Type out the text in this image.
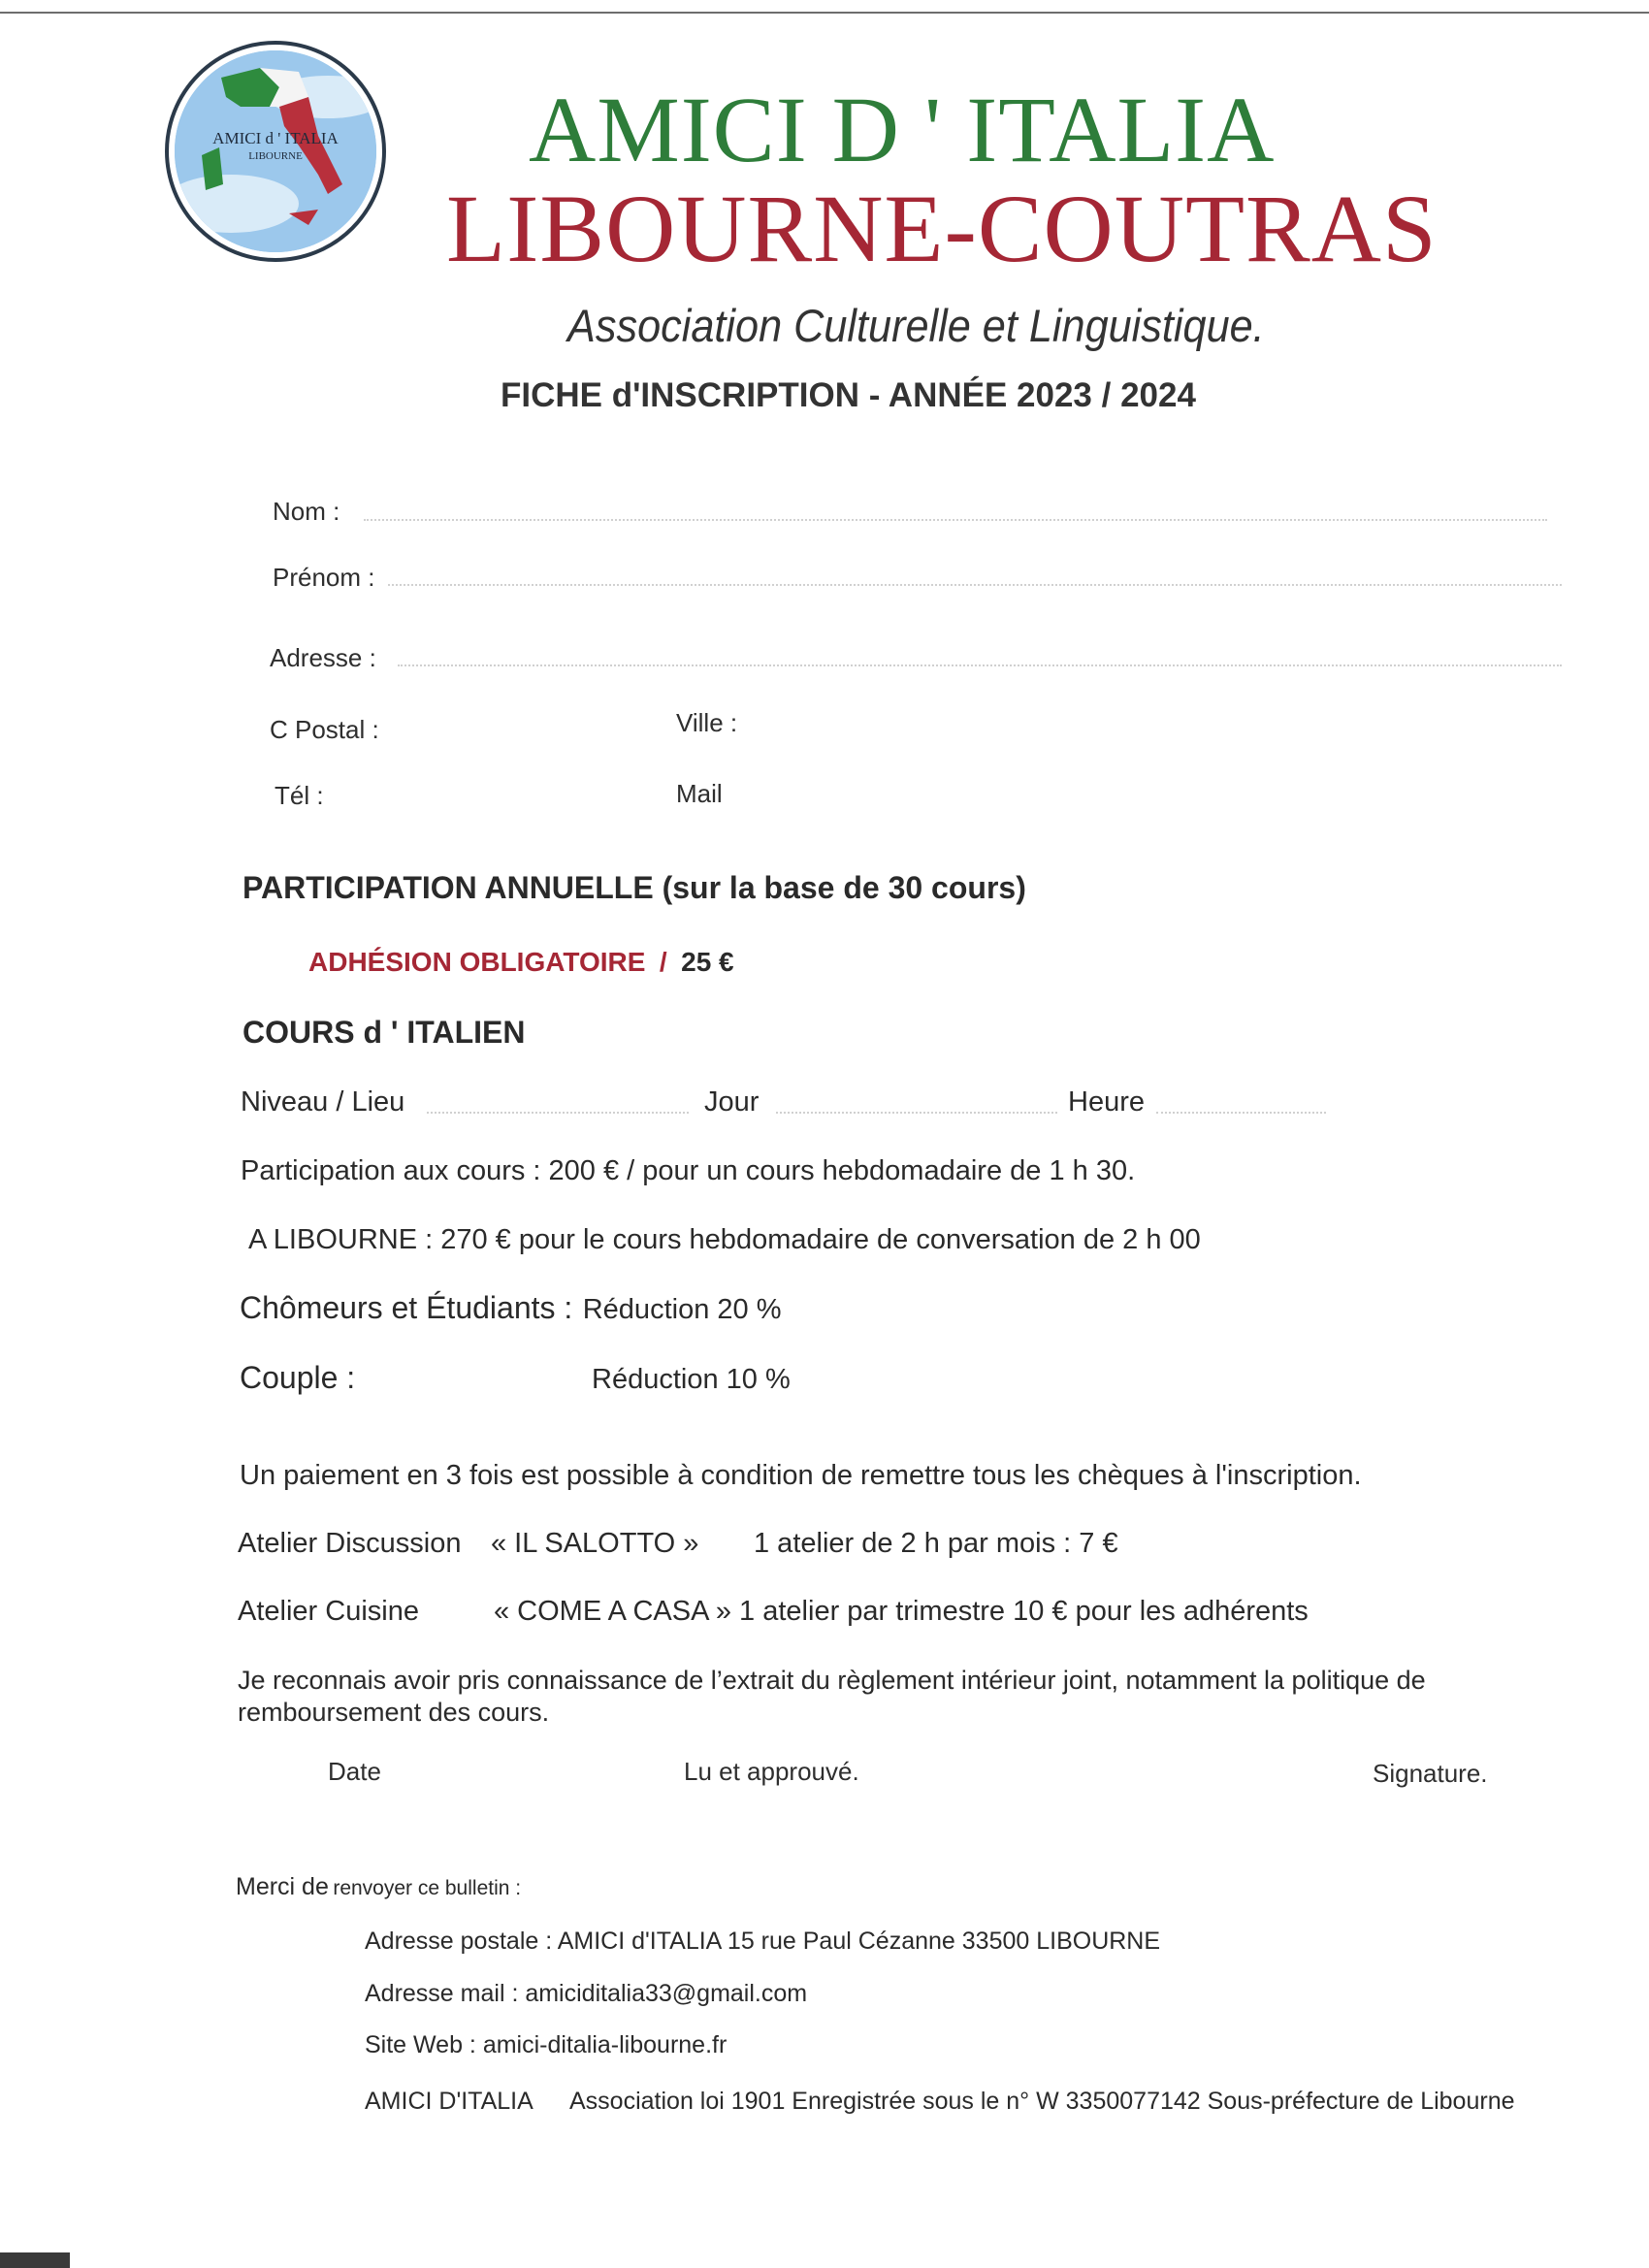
AMICI d ' ITALIA
LIBOURNE AMICI D ' ITALIA
LIBOURNE-COUTRAS
Association Culturelle et Linguistique.
FICHE d'INSCRIPTION - ANNÉE 2023 / 2024
Nom :
Prénom :
Adresse :
C Postal :	Ville :
Tél :	Mail
PARTICIPATION ANNUELLE (sur la base de 30 cours)
ADHÉSION OBLIGATOIRE / 25 €
COURS d ' ITALIEN
Niveau / Lieu	Jour	Heure
Participation aux cours : 200 € / pour un cours hebdomadaire de 1 h 30.
A LIBOURNE : 270 € pour le cours hebdomadaire de conversation de 2 h 00
Chômeurs et Étudiants : Réduction 20 %
Couple :	Réduction 10 %
Un paiement en 3 fois est possible à condition de remettre tous les chèques à l'inscription.
Atelier Discussion « IL SALOTTO » 1 atelier de 2 h par mois : 7 €
Atelier Cuisine	« COME A CASA » 1 atelier par trimestre 10 € pour les adhérents
Je reconnais avoir pris connaissance de l’extrait du règlement intérieur joint, notamment la politique de remboursement des cours.
Date	Lu et approuvé.	Signature.
Merci de renvoyer ce bulletin :
Adresse postale : AMICI d'ITALIA 15 rue Paul Cézanne 33500 LIBOURNE
Adresse mail : amiciditalia33@gmail.com
Site Web : amici-ditalia-libourne.fr
AMICI D'ITALIA Association loi 1901 Enregistrée sous le n° W 3350077142 Sous-préfecture de Libourne
